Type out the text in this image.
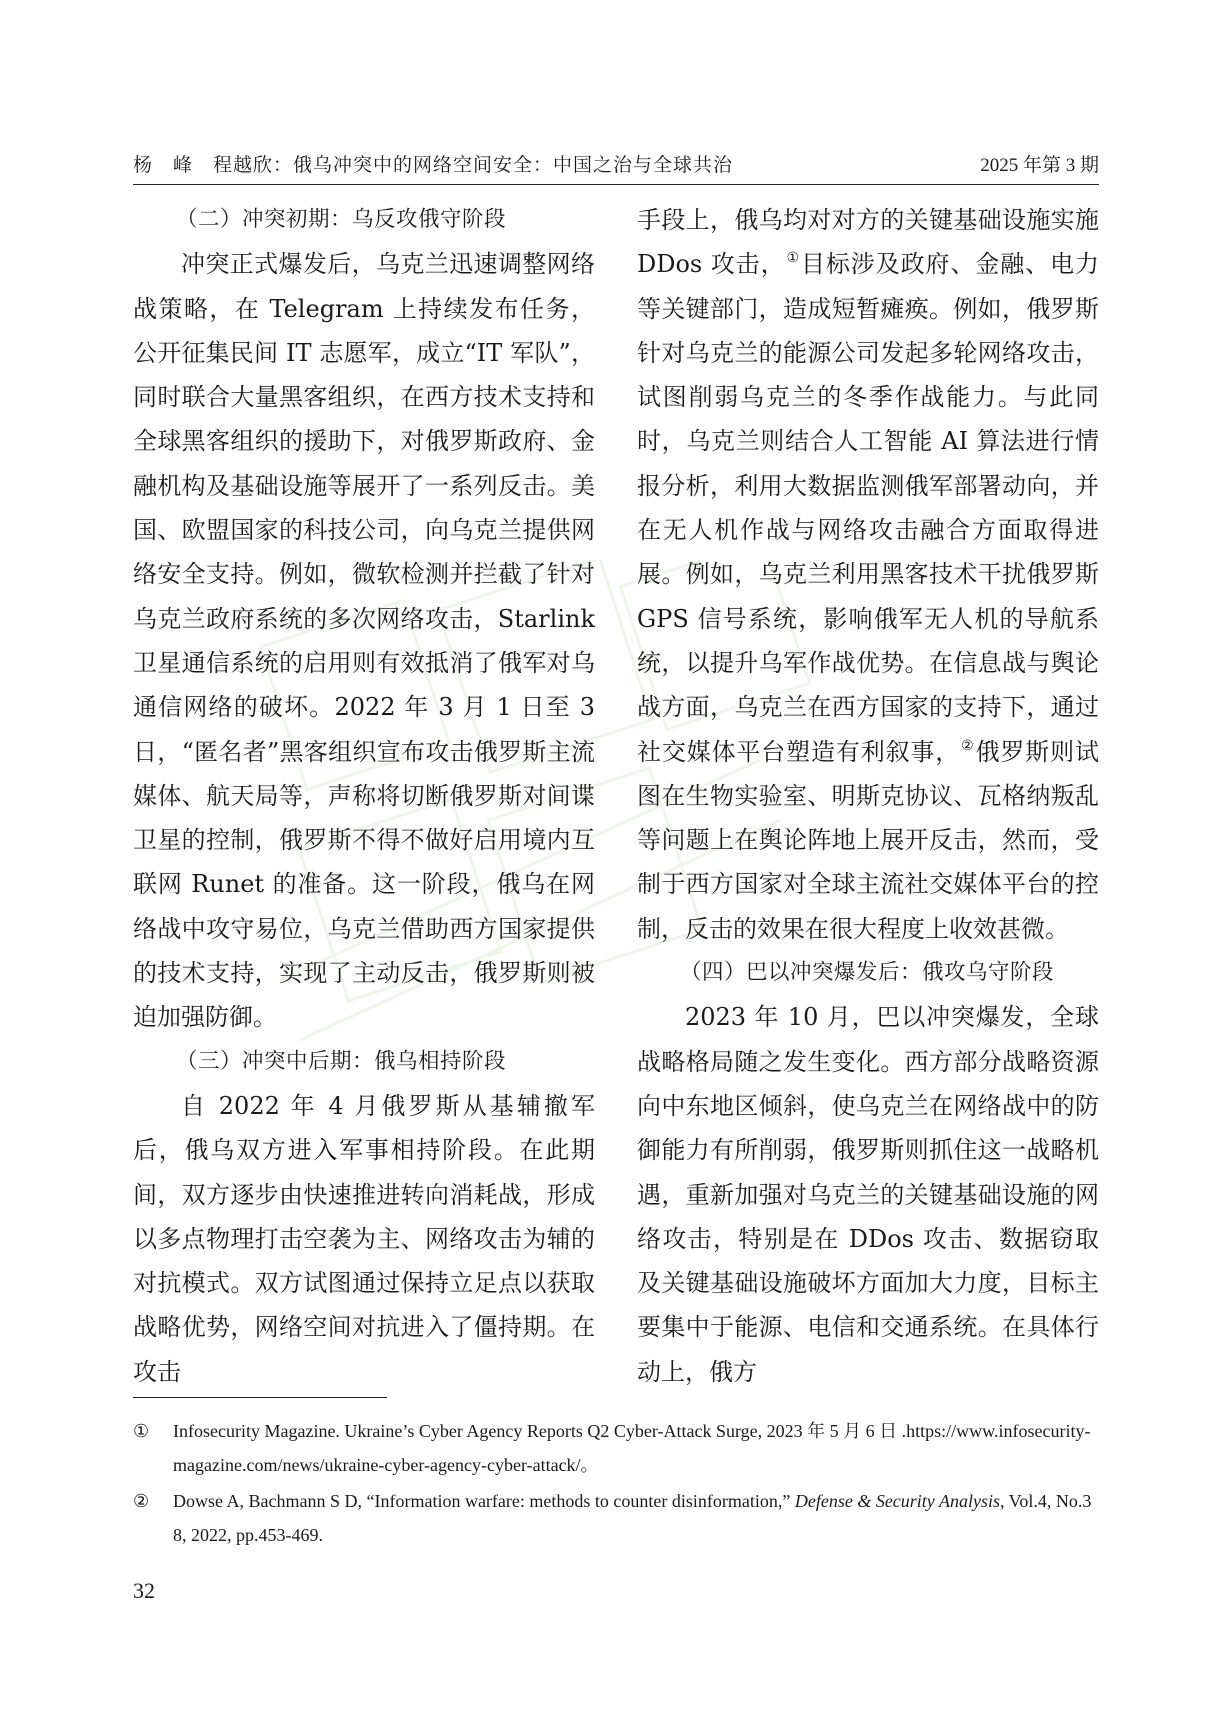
杨　峰　程越欣：俄乌冲突中的网络空间安全：中国之治与全球共治	2025 年第 3 期

（二）冲突初期：乌反攻俄守阶段

冲突正式爆发后，乌克兰迅速调整网络战策略，在 Telegram 上持续发布任务，公开征集民间 IT 志愿军，成立“IT 军队”，同时联合大量黑客组织，在西方技术支持和全球黑客组织的援助下，对俄罗斯政府、金融机构及基础设施等展开了一系列反击。美国、欧盟国家的科技公司，向乌克兰提供网络安全支持。例如，微软检测并拦截了针对乌克兰政府系统的多次网络攻击，Starlink 卫星通信系统的启用则有效抵消了俄军对乌通信网络的破坏。2022 年 3 月 1 日至 3 日，“匿名者”黑客组织宣布攻击俄罗斯主流媒体、航天局等，声称将切断俄罗斯对间谍卫星的控制，俄罗斯不得不做好启用境内互联网 Runet 的准备。这一阶段，俄乌在网络战中攻守易位，乌克兰借助西方国家提供的技术支持，实现了主动反击，俄罗斯则被迫加强防御。

（三）冲突中后期：俄乌相持阶段

自 2022 年 4 月俄罗斯从基辅撤军后，俄乌双方进入军事相持阶段。在此期间，双方逐步由快速推进转向消耗战，形成以多点物理打击空袭为主、网络攻击为辅的对抗模式。双方试图通过保持立足点以获取战略优势，网络空间对抗进入了僵持期。在攻击

手段上，俄乌均对对方的关键基础设施实施 DDos 攻击，①目标涉及政府、金融、电力等关键部门，造成短暂瘫痪。例如，俄罗斯针对乌克兰的能源公司发起多轮网络攻击，试图削弱乌克兰的冬季作战能力。与此同时，乌克兰则结合人工智能 AI 算法进行情报分析，利用大数据监测俄军部署动向，并在无人机作战与网络攻击融合方面取得进展。例如，乌克兰利用黑客技术干扰俄罗斯 GPS 信号系统，影响俄军无人机的导航系统，以提升乌军作战优势。在信息战与舆论战方面，乌克兰在西方国家的支持下，通过社交媒体平台塑造有利叙事，②俄罗斯则试图在生物实验室、明斯克协议、瓦格纳叛乱等问题上在舆论阵地上展开反击，然而，受制于西方国家对全球主流社交媒体平台的控制，反击的效果在很大程度上收效甚微。

（四）巴以冲突爆发后：俄攻乌守阶段

2023 年 10 月，巴以冲突爆发，全球战略格局随之发生变化。西方部分战略资源向中东地区倾斜，使乌克兰在网络战中的防御能力有所削弱，俄罗斯则抓住这一战略机遇，重新加强对乌克兰的关键基础设施的网络攻击，特别是在 DDos 攻击、数据窃取及关键基础设施破坏方面加大力度，目标主要集中于能源、电信和交通系统。在具体行动上，俄方

① Infosecurity Magazine. Ukraine’s Cyber Agency Reports Q2 Cyber-Attack Surge, 2023 年 5 月 6 日 .https://www.infosecurity-magazine.com/news/ukraine-cyber-agency-cyber-attack/。
② Dowse A, Bachmann S D, “Information warfare: methods to counter disinformation,” Defense & Security Analysis, Vol.4, No.38, 2022, pp.453-469.
32
